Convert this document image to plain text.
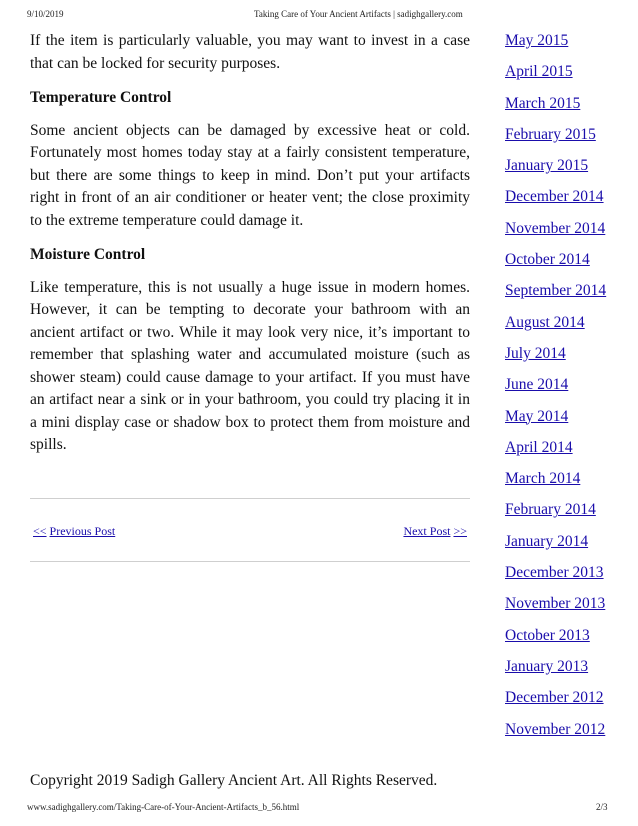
9/10/2019	Taking Care of Your Ancient Artifacts | sadighgallery.com

If the item is particularly valuable, you may want to invest in a case that can be locked for security purposes.

Temperature Control

Some ancient objects can be damaged by excessive heat or cold. Fortunately most homes today stay at a fairly consistent temperature, but there are some things to keep in mind. Don’t put your artifacts right in front of an air conditioner or heater vent; the close proximity to the extreme temperature could damage it.

Moisture Control

Like temperature, this is not usually a huge issue in modern homes. However, it can be tempting to decorate your bathroom with an ancient artifact or two. While it may look very nice, it’s important to remember that splashing water and accumulated moisture (such as shower steam) could cause damage to your artifact. If you must have an artifact near a sink or in your bathroom, you could try placing it in a mini display case or shadow box to protect them from moisture and spills.

<< Previous Post	Next Post >>
May 2015
April 2015
March 2015
February 2015
January 2015
December 2014
November 2014
October 2014
September 2014
August 2014
July 2014
June 2014
May 2014
April 2014
March 2014
February 2014
January 2014
December 2013
November 2013
October 2013
January 2013
December 2012
November 2012
Copyright 2019 Sadigh Gallery Ancient Art. All Rights Reserved.
www.sadighgallery.com/Taking-Care-of-Your-Ancient-Artifacts_b_56.html	2/3
